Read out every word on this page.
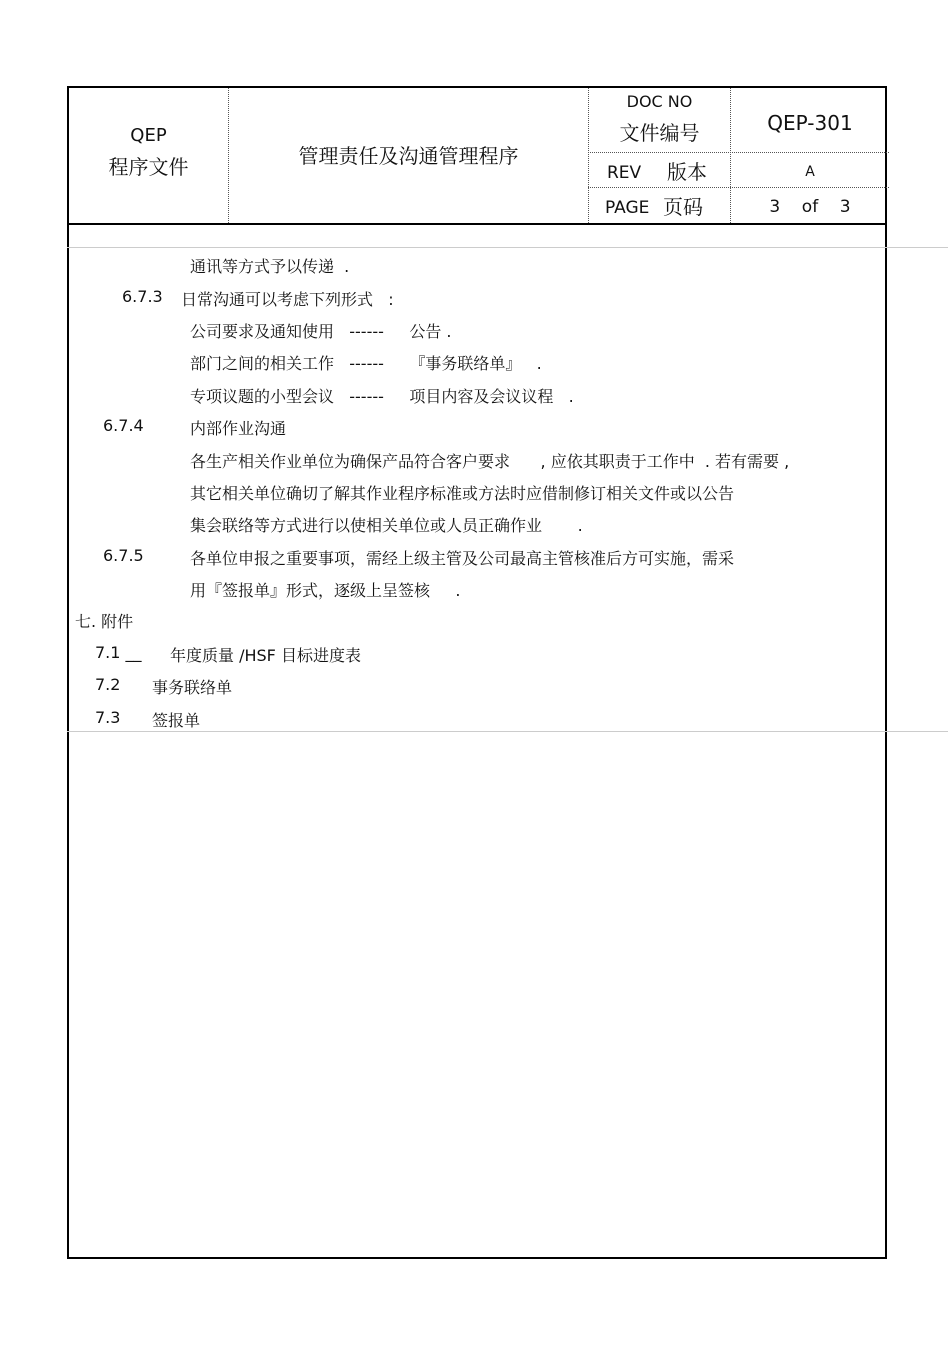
QEP
程序文件	管理责任及沟通管理程序
DOC NO
文件编号	QEP-301
REV 版本	A
PAGE 页码	3    of    3
通讯等方式予以传递  .
6.7.3 日常沟通可以考虑下列形式   :
公司要求及通知使用   ------     公告 .
部门之间的相关工作   ------     『事务联络单』   .
专项议题的小型会议   ------     项目内容及会议议程   .
6.7.4	内部作业沟通
各生产相关作业单位为确保产品符合客户要求      , 应依其职责于工作中  . 若有需要 ,
其它相关单位确切了解其作业程序标准或方法时应借制修订相关文件或以公告
集会联络等方式进行以使相关单位或人员正确作业       .
6.7.5	各单位申报之重要事项，需经上级主管及公司最高主管核准后方可实施，需采
用『签报单』形式，逐级上呈签核     .
七. 附件
7.1 __ 年度质量 /HSF 目标进度表
7.2 事务联络单
7.3 签报单
